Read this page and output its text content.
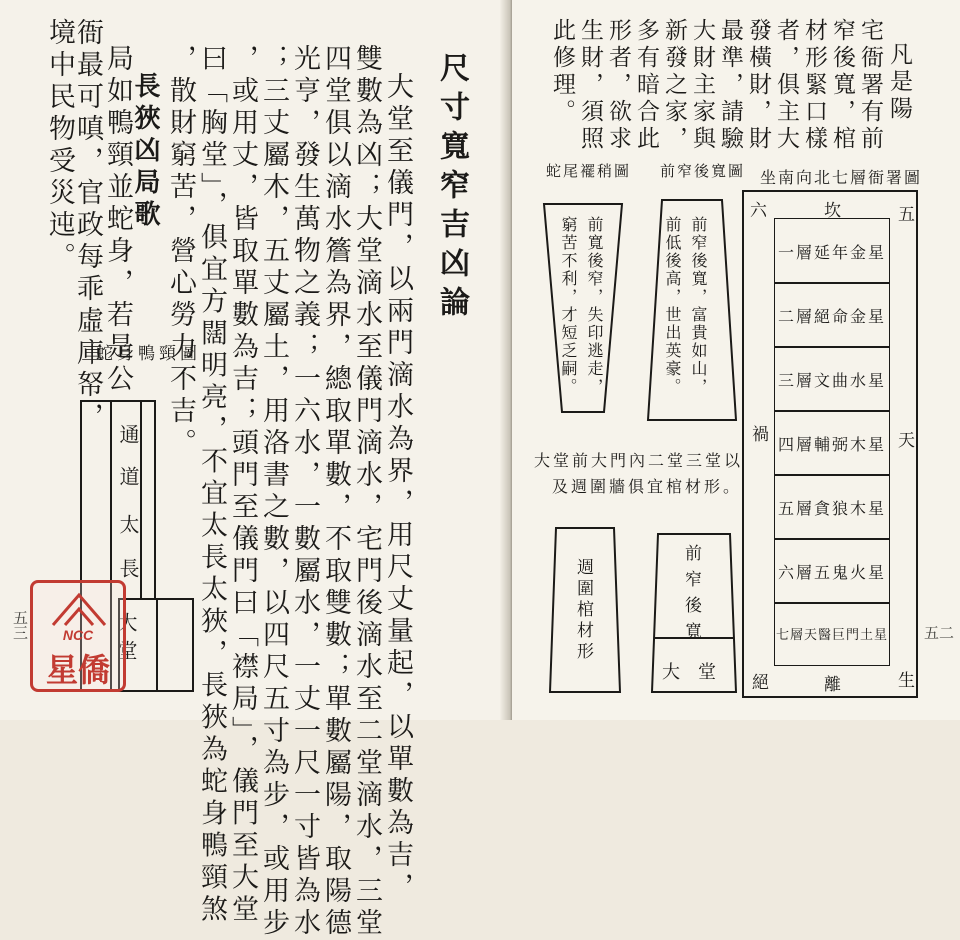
尺寸寬窄吉凶論
大堂至儀門，以兩門滴水為界，用尺丈量起，以單數為吉，
雙數為凶；大堂滴水至儀門滴水，宅門後滴水至二堂滴水，三堂
四堂俱以滴水簷為界，總取單數，不取雙數；單數屬陽，取陽德
光亨，發生萬物之義；一六水，一數屬水，一丈一尺一寸皆為水
；三丈屬木，五丈屬土，用洛書之數，以四尺五寸為步，或用步
，或用丈，皆取單數為吉；頭門至儀門曰「襟局」，儀門至大堂
曰「胸堂」，俱宜方闊明亮，不宜太長太狹，長狹為蛇身鴨頸煞
，散財窮苦，營心勞力不吉。
長狹凶局歌
局如鴨頸並蛇身，若是公
衙最可嗔，官政每乖虛庫帑，
境中民物受災迍。
蛇身鴨頸圖
通
道
太
長
大
堂
五三	NCC
星僑
凡是陽
宅衙署有前
窄後寬，棺
材形緊口樣
者，俱主大
發橫財，財
最準，請驗
大財主家與
新發之家，
多有暗合此
形者，欲求
生財，須照
此修理。
坐南向北七層衙署圖
一層延年金星
二層絕命金星
三層文曲水星
四層輔弼木星
五層貪狼木星
六層五鬼火星
七層天醫巨門土星
六	坎	五
禍	天
絕	離	生
前窄後寬圖
前窄後寬，富貴如山，
前低後高，世出英豪。
蛇尾襬稍圖
前寬後窄，失印逃走，
窮苦不利，才短乏嗣。
大堂前大門內二堂三堂以
及週圍牆俱宜棺材形。
週圍棺材形
前
窄
後
寬
大堂
五二
